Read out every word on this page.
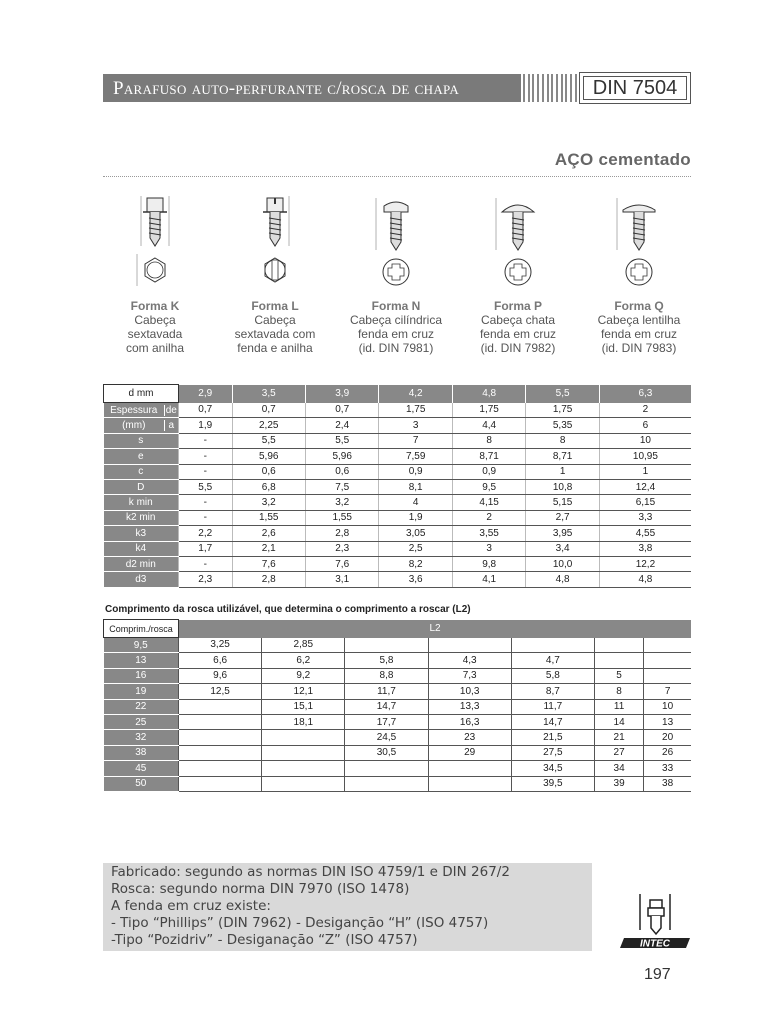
Parafuso auto-perfurante c/rosca de chapa	DIN 7504
AÇO cementado
Forma K
Cabeça
sextavada
com anilha
Forma L
Cabeça
sextavada com
fenda e anilha
Forma N
Cabeça cilíndrica
fenda em cruz
(id. DIN 7981)
Forma P
Cabeça chata
fenda em cruz
(id. DIN 7982)
Forma Q
Cabeça lentilha
fenda em cruz
(id. DIN 7983)
d mm	2,9	3,5	3,9	4,2	4,8	5,5	6,3
Espessura de	0,7	0,7	0,7	1,75	1,75	1,75	2
(mm) a	1,9	2,25	2,4	3	4,4	5,35	6
s	-	5,5	5,5	7	8	8	10
e	-	5,96	5,96	7,59	8,71	8,71	10,95
c	-	0,6	0,6	0,9	0,9	1	1
D	5,5	6,8	7,5	8,1	9,5	10,8	12,4
k min	-	3,2	3,2	4	4,15	5,15	6,15
k2 min	-	1,55	1,55	1,9	2	2,7	3,3
k3	2,2	2,6	2,8	3,05	3,55	3,95	4,55
k4	1,7	2,1	2,3	2,5	3	3,4	3,8
d2 min	-	7,6	7,6	8,2	9,8	10,0	12,2
d3	2,3	2,8	3,1	3,6	4,1	4,8	4,8
Comprimento da rosca utilizável, que determina o comprimento a roscar (L2)
Comprim./rosca	L2						
9,5	3,25	2,85					
13	6,6	6,2	5,8	4,3	4,7		
16	9,6	9,2	8,8	7,3	5,8	5	
19	12,5	12,1	11,7	10,3	8,7	8	7
22		15,1	14,7	13,3	11,7	11	10
25		18,1	17,7	16,3	14,7	14	13
32			24,5	23	21,5	21	20
38			30,5	29	27,5	27	26
45					34,5	34	33
50					39,5	39	38
Fabricado: segundo as normas DIN ISO 4759/1 e DIN 267/2
Rosca: segundo norma DIN 7970 (ISO 1478)
A fenda em cruz existe:
- Tipo “Phillips” (DIN 7962) - Desigançāo “H” (ISO 4757)
-Tipo “Pozidriv” - Desiganaçāo “Z” (ISO 4757)	INTEC
197
